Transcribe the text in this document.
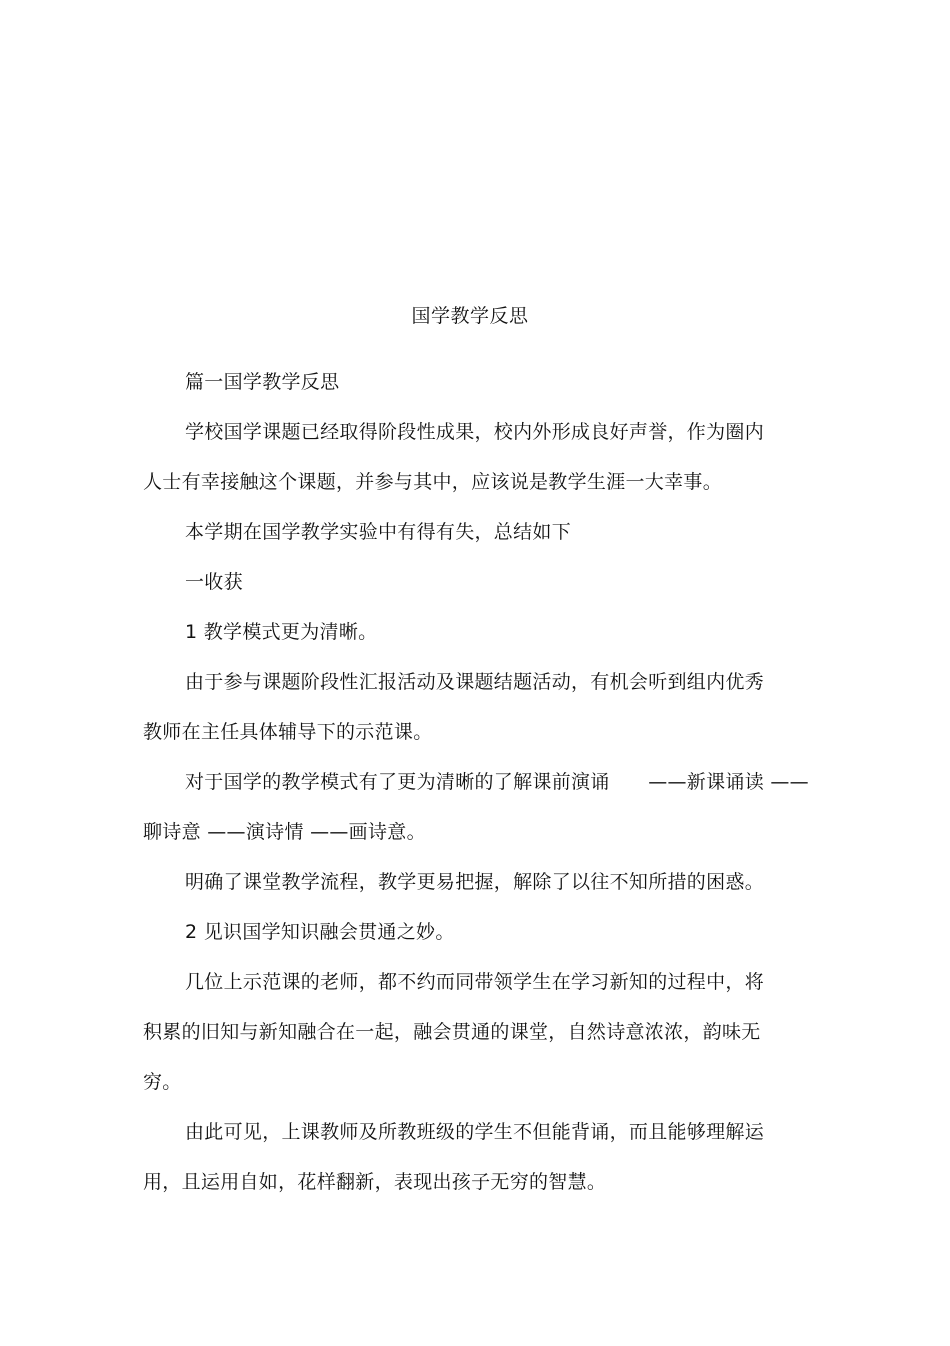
国学教学反思
篇一国学教学反思
学校国学课题已经取得阶段性成果，校内外形成良好声誉，作为圈内
人士有幸接触这个课题，并参与其中，应该说是教学生涯一大幸事。
本学期在国学教学实验中有得有失，总结如下
一收获
1 教学模式更为清晰。
由于参与课题阶段性汇报活动及课题结题活动，有机会听到组内优秀
教师在主任具体辅导下的示范课。
对于国学的教学模式有了更为清晰的了解课前演诵　　——新课诵读 ——
聊诗意 ——演诗情 ——画诗意。
明确了课堂教学流程，教学更易把握，解除了以往不知所措的困惑。
2 见识国学知识融会贯通之妙。
几位上示范课的老师，都不约而同带领学生在学习新知的过程中，将
积累的旧知与新知融合在一起，融会贯通的课堂，自然诗意浓浓，韵味无
穷。
由此可见，上课教师及所教班级的学生不但能背诵，而且能够理解运
用，且运用自如，花样翻新，表现出孩子无穷的智慧。
